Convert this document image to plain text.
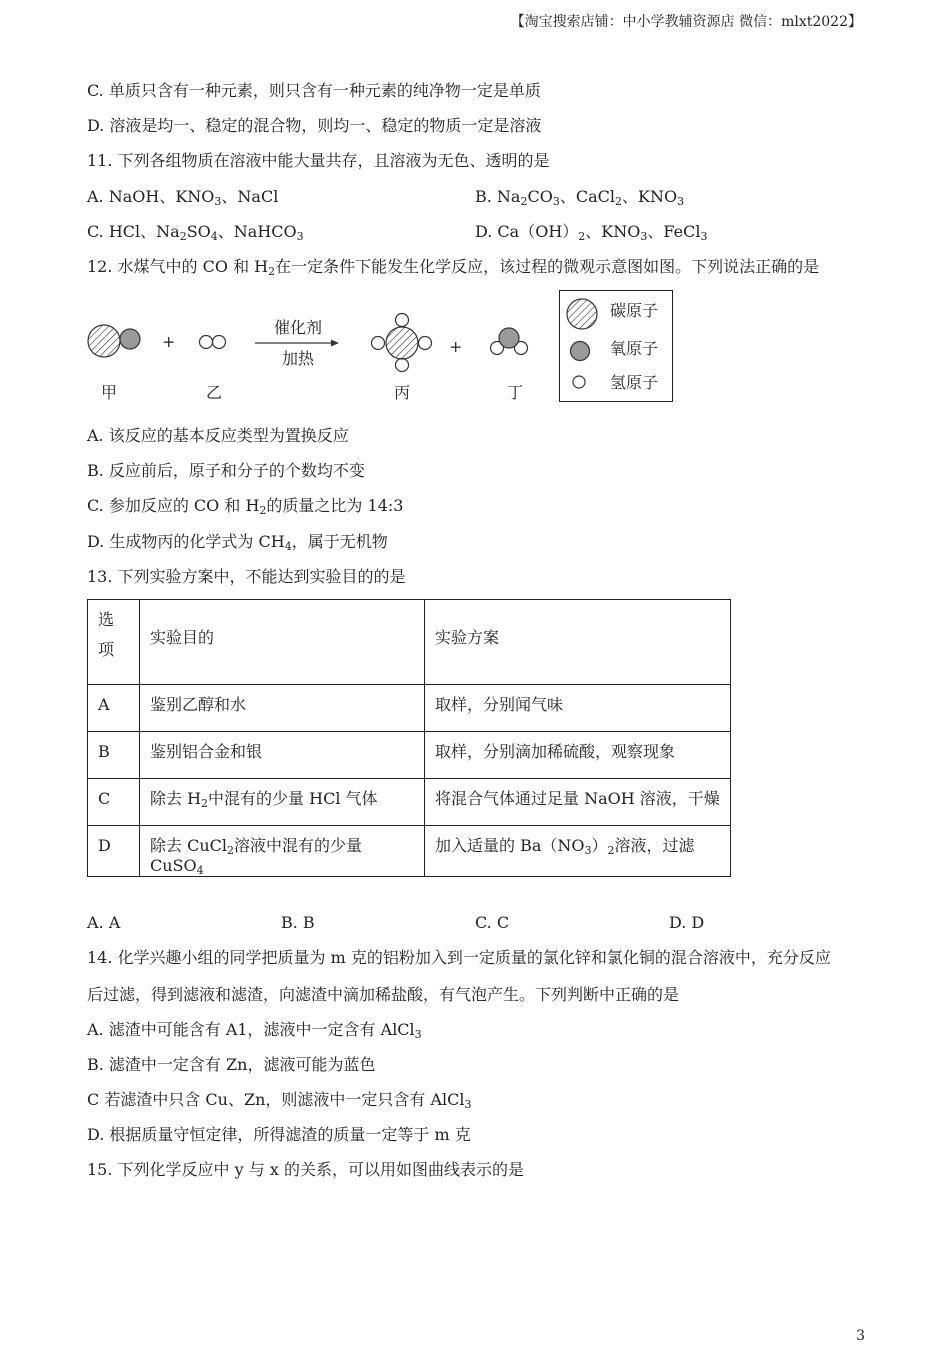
【淘宝搜索店铺：中小学教辅资源店 微信：mlxt2022】
C. 单质只含有一种元素，则只含有一种元素的纯净物一定是单质
D. 溶液是均一、稳定的混合物，则均一、稳定的物质一定是溶液
11. 下列各组物质在溶液中能大量共存，且溶液为无色、透明的是
A. NaOH、$KNO_3$、NaCl	B. $Na_2CO_3$、CaCl$_2$、$KNO_3$
C. HCl、$Na_2SO_4$、NaHCO$_3$	D. $Ca(OH)_2$、$KNO_3$、FeCl$_3$
12. 水煤气中的 CO 和 $H_2$在一定条件下能发生化学反应，该过程的微观示意图如图。下列说法正确的是
+	+
催化剂
加热
甲	乙	丙	丁
碳原子
氧原子
氢原子
A. 该反应的基本反应类型为置换反应
B. 反应前后，原子和分子的个数均不变
C. 参加反应的 CO 和 $H_2$的质量之比为 14:3
D. 生成物丙的化学式为 $CH_4$，属于无机物
13. 下列实验方案中，不能达到实验目的的是
选
项	实验目的	实验方案
A	鉴别乙醇和水	取样，分别闻气味
B	鉴别铝合金和银	取样，分别滴加稀硫酸，观察现象
C	除去 $H_2$中混有的少量 HCl 气体	将混合气体通过足量 NaOH 溶液，干燥
D	除去 CuCl$_2$溶液中混有的少量 CuSO$_4$	加入适量的 $Ba(NO_3)_2$溶液，过滤
A. A	B. B	C. C	D. D
14. 化学兴趣小组的同学把质量为 m 克的铝粉加入到一定质量的氯化锌和氯化铜的混合溶液中，充分反应
后过滤，得到滤液和滤渣，向滤渣中滴加稀盐酸，有气泡产生。下列判断中正确的是
A. 滤渣中可能含有 A1，滤液中一定含有 AlCl$_3$
B. 滤渣中一定含有 Zn，滤液可能为蓝色
C 若滤渣中只含 Cu、Zn，则滤液中一定只含有 AlCl$_3$
D. 根据质量守恒定律，所得滤渣的质量一定等于 m 克
15. 下列化学反应中 y 与 x 的关系，可以用如图曲线表示的是
3
